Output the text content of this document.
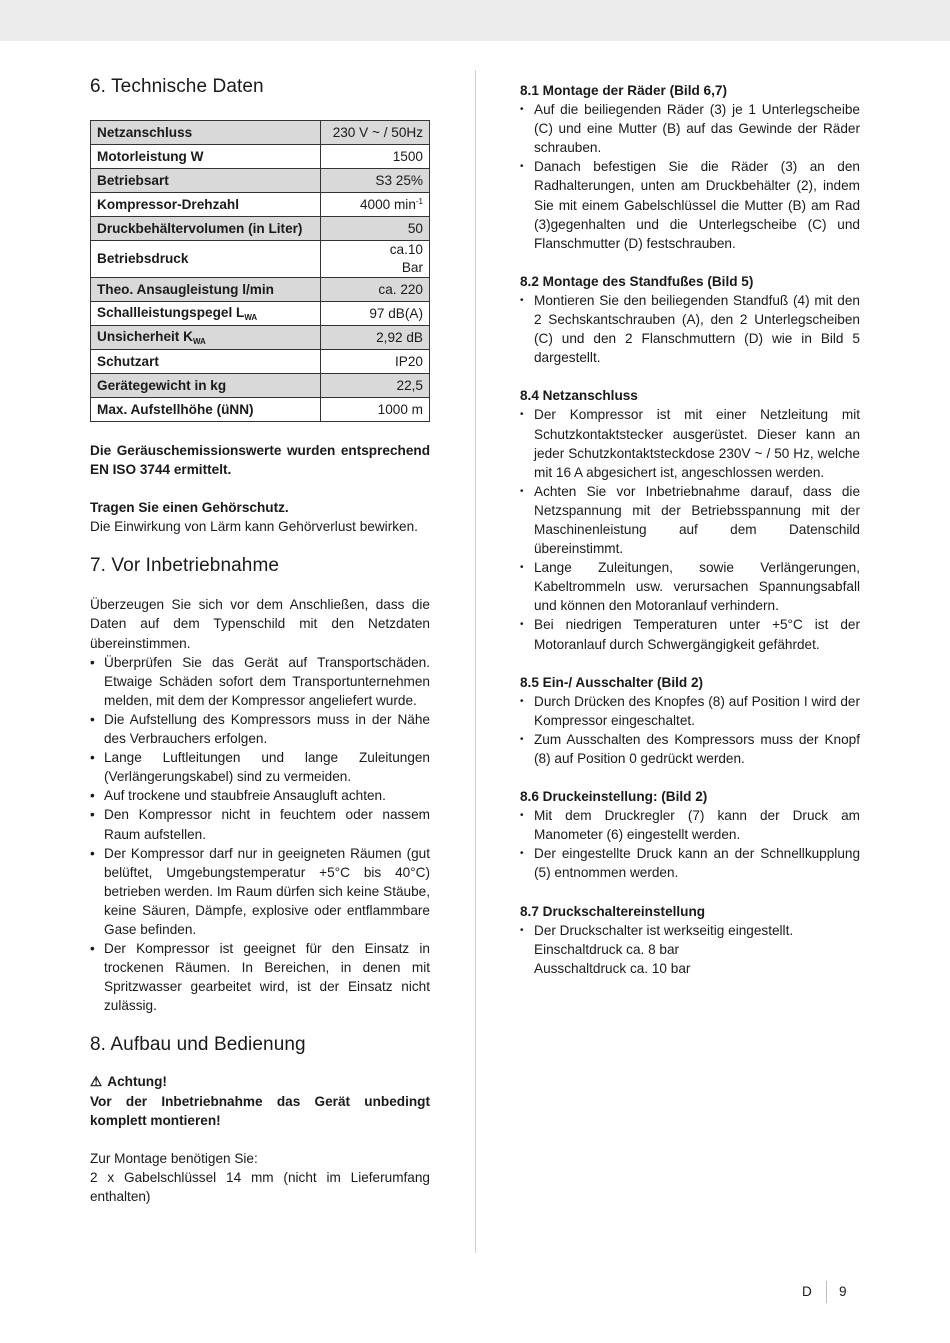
6. Technische Daten
Netzanschluss	230 V ~ / 50Hz
Motorleistung W	1500
Betriebsart	S3 25%
Kompressor-Drehzahl	4000 $\min^{-1}$
Druckbehältervolumen (in Liter)	50
Betriebsdruck	ca.10
Bar
Theo. Ansaugleistung l/min	ca. 220
Schallleistungspegel $L_{WA}$	97 dB(A)
Unsicherheit $K_{WA}$	2,92 dB
Schutzart	IP20
Gerätegewicht in kg	22,5
Max. Aufstellhöhe (üNN)	1000 m

Die Geräuschemissionswerte wurden entsprechend EN ISO 3744 ermittelt.

Tragen Sie einen Gehörschutz.

Die Einwirkung von Lärm kann Gehörverlust bewirken.

7. Vor Inbetriebnahme

Überzeugen Sie sich vor dem Anschließen, dass die Daten auf dem Typenschild mit den Netzdaten übereinstimmen.

• Überprüfen Sie das Gerät auf Transportschäden. Etwaige Schäden sofort dem Transportunternehmen melden, mit dem der Kompressor angeliefert wurde.
• Die Aufstellung des Kompressors muss in der Nähe des Verbrauchers erfolgen.
• Lange Luftleitungen und lange Zuleitungen (Verlängerungskabel) sind zu vermeiden.
• Auf trockene und staubfreie Ansaugluft achten.
• Den Kompressor nicht in feuchtem oder nassem Raum aufstellen.
• Der Kompressor darf nur in geeigneten Räumen (gut belüftet, Umgebungstemperatur +5°C bis 40°C) betrieben werden. Im Raum dürfen sich keine Stäube, keine Säuren, Dämpfe, explosive oder entflammbare Gase befinden.
• Der Kompressor ist geeignet für den Einsatz in trockenen Räumen. In Bereichen, in denen mit Spritzwasser gearbeitet wird, ist der Einsatz nicht zulässig.
8. Aufbau und Bedienung

⚠ Achtung!

Vor der Inbetriebnahme das Gerät unbedingt komplett montieren!

Zur Montage benötigen Sie:

2 x Gabelschlüssel 14 mm (nicht im Lieferumfang enthalten)

8.1 Montage der Räder (Bild 6,7)

• Auf die beiliegenden Räder (3) je 1 Unterlegscheibe (C) und eine Mutter (B) auf das Gewinde der Räder schrauben.
• Danach befestigen Sie die Räder (3) an den Radhalterungen, unten am Druckbehälter (2), indem Sie mit einem Gabelschlüssel die Mutter (B) am Rad (3)gegenhalten und die Unterlegscheibe (C) und Flanschmutter (D) festschrauben.

8.2 Montage des Standfußes (Bild 5)

• Montieren Sie den beiliegenden Standfuß (4) mit den 2 Sechskantschrauben (A), den 2 Unterlegscheiben (C) und den 2 Flanschmuttern (D) wie in Bild 5 dargestellt.

8.4 Netzanschluss

• Der Kompressor ist mit einer Netzleitung mit Schutzkontaktstecker ausgerüstet. Dieser kann an jeder Schutzkontaktsteckdose 230V ~ / 50 Hz, welche mit 16 A abgesichert ist, angeschlossen werden.
• Achten Sie vor Inbetriebnahme darauf, dass die Netzspannung mit der Betriebsspannung mit der Maschinenleistung auf dem Datenschild übereinstimmt.
• Lange Zuleitungen, sowie Verlängerungen, Kabeltrommeln usw. verursachen Spannungsabfall und können den Motoranlauf verhindern.
• Bei niedrigen Temperaturen unter +5°C ist der Motoranlauf durch Schwergängigkeit gefährdet.

8.5 Ein-/ Ausschalter (Bild 2)

• Durch Drücken des Knopfes (8) auf Position I wird der Kompressor eingeschaltet.
• Zum Ausschalten des Kompressors muss der Knopf (8) auf Position 0 gedrückt werden.

8.6 Druckeinstellung: (Bild 2)

• Mit dem Druckregler (7) kann der Druck am Manometer (6) eingestellt werden.
• Der eingestellte Druck kann an der Schnellkupplung (5) entnommen werden.

8.7 Druckschaltereinstellung

• Der Druckschalter ist werkseitig eingestellt.

Einschaltdruck ca. 8 bar

Ausschaltdruck ca. 10 bar

D 9
